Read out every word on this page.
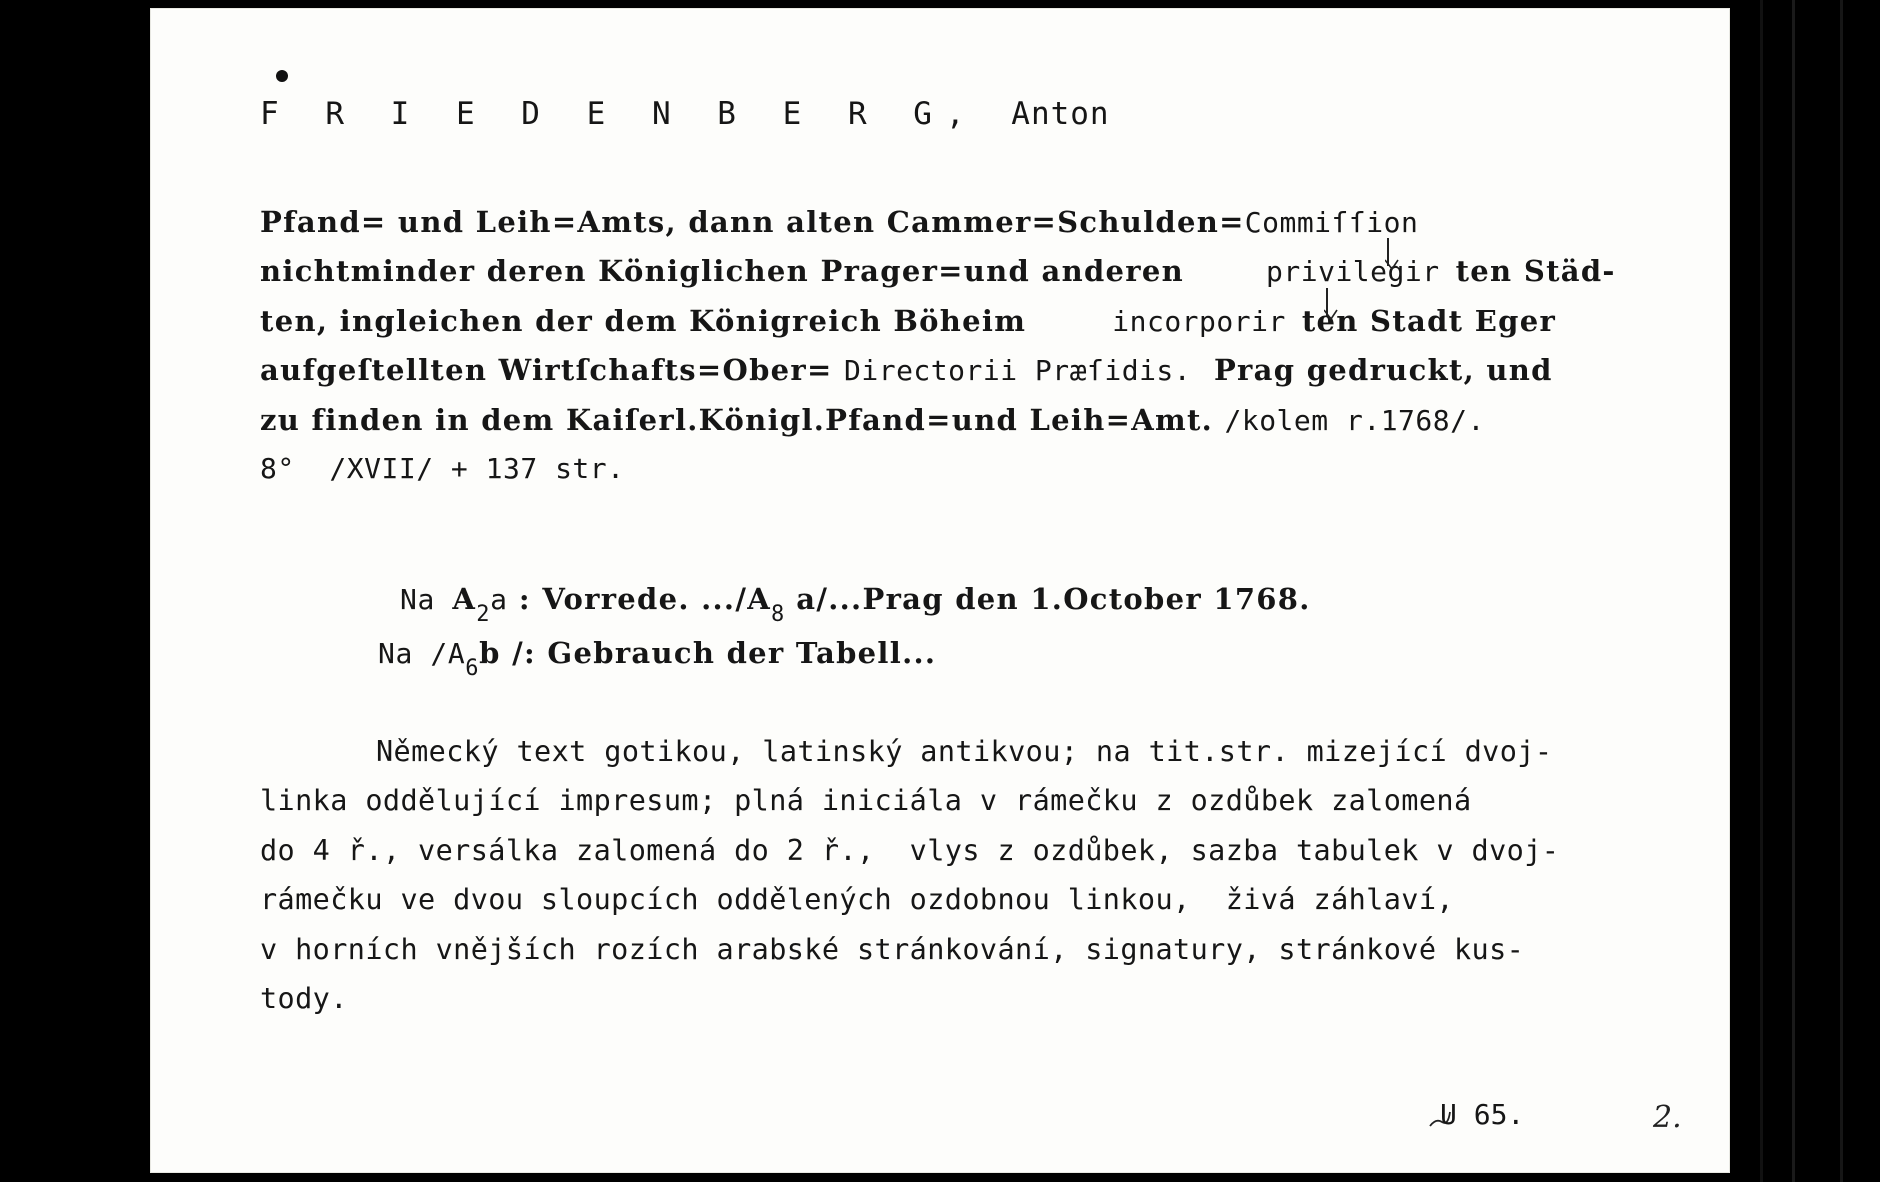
F R I E D E N B E R G, Anton
Pfand= und Leih=Amts, dann alten Cammer=Schulden=Commiſſion
nichtminder deren Königlichen Prager=und anderen	privilegir ten Städ-
ten, ingleichen der dem Königreich Böheim	incorporir ten Stadt Eger
aufgeſtellten Wirtſchafts=Ober= Directorii Præſidis. Prag gedruckt, und
zu finden in dem Kaiſerl.Königl.Pfand=und Leih=Amt. /kolem r.1768/.
8°  /XVII/ + 137 str.
Na $A_2a$ : Vorrede. $.../A_8$ a/...Prag den 1.October 1768.
Na $/A_6b$ /: Gebrauch der Tabell...
Německý text gotikou, latinský antikvou; na tit.str. mizející dvoj-
linka oddělující impresum; plná iniciála v rámečku z ozdůbek zalomená
do 4 ř., versálka zalomená do 2 ř.,  vlys z ozdůbek, sazba tabulek v dvoj-
rámečku ve dvou sloupcích oddělených ozdobnou linkou,  živá záhlaví,
v horních vnějších rozích arabské stránkování, signatury, stránkové kus-
tody.
U 65.	2.
